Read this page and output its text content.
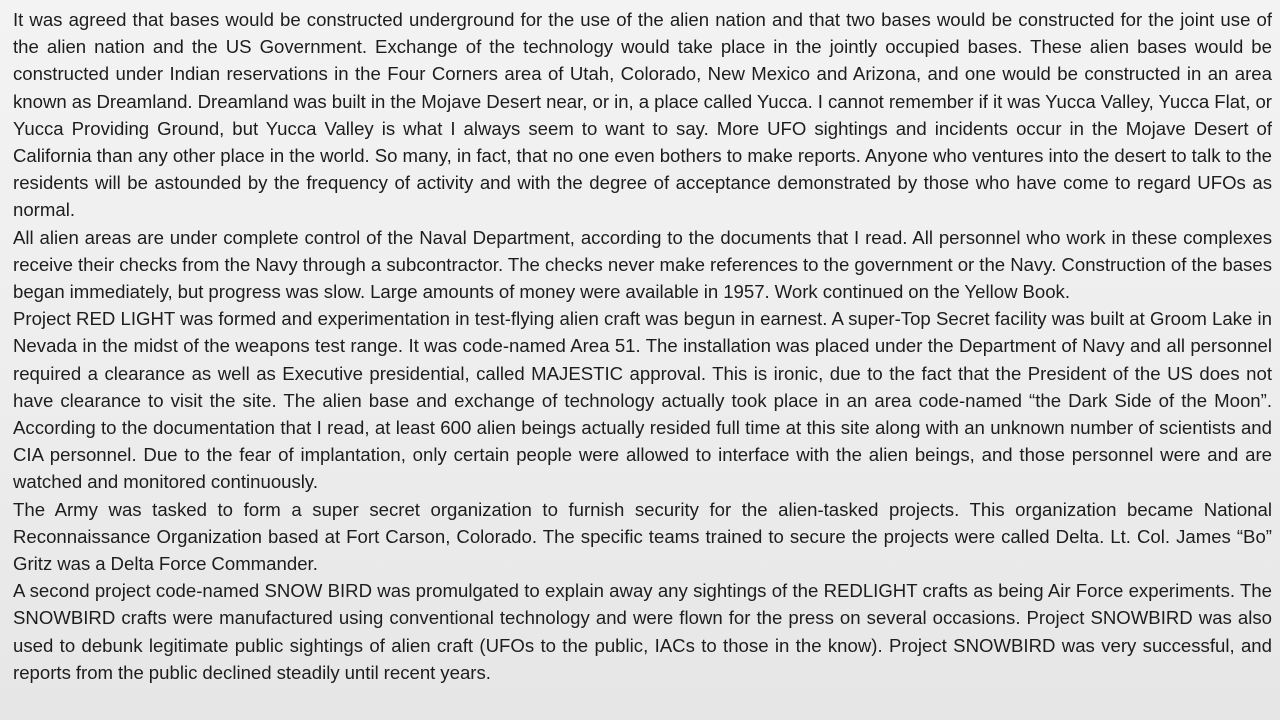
It was agreed that bases would be constructed underground for the use of the alien nation and that two bases would be constructed for the joint use of the alien nation and the US Government. Exchange of the technology would take place in the jointly occupied bases. These alien bases would be constructed under Indian reservations in the Four Corners area of Utah, Colorado, New Mexico and Arizona, and one would be constructed in an area known as Dreamland. Dreamland was built in the Mojave Desert near, or in, a place called Yucca. I cannot remember if it was Yucca Valley, Yucca Flat, or Yucca Providing Ground, but Yucca Valley is what I always seem to want to say. More UFO sightings and incidents occur in the Mojave Desert of California than any other place in the world. So many, in fact, that no one even bothers to make reports. Anyone who ventures into the desert to talk to the residents will be astounded by the frequency of activity and with the degree of acceptance demonstrated by those who have come to regard UFOs as normal.

All alien areas are under complete control of the Naval Department, according to the documents that I read. All personnel who work in these complexes receive their checks from the Navy through a subcontractor. The checks never make references to the government or the Navy. Construction of the bases began immediately, but progress was slow. Large amounts of money were available in 1957. Work continued on the Yellow Book.

Project RED LIGHT was formed and experimentation in test-flying alien craft was begun in earnest. A super-Top Secret facility was built at Groom Lake in Nevada in the midst of the weapons test range. It was code-named Area 51. The installation was placed under the Department of Navy and all personnel required a clearance as well as Executive presidential, called MAJESTIC approval. This is ironic, due to the fact that the President of the US does not have clearance to visit the site. The alien base and exchange of technology actually took place in an area code-named “the Dark Side of the Moon”. According to the documentation that I read, at least 600 alien beings actually resided full time at this site along with an unknown number of scientists and CIA personnel. Due to the fear of implantation, only certain people were allowed to interface with the alien beings, and those personnel were and are watched and monitored continuously.

The Army was tasked to form a super secret organization to furnish security for the alien-tasked projects. This organization became National Reconnaissance Organization based at Fort Carson, Colorado. The specific teams trained to secure the projects were called Delta. Lt. Col. James “Bo” Gritz was a Delta Force Commander.

A second project code-named SNOW BIRD was promulgated to explain away any sightings of the REDLIGHT crafts as being Air Force experiments. The SNOWBIRD crafts were manufactured using conventional technology and were flown for the press on several occasions. Project SNOWBIRD was also used to debunk legitimate public sightings of alien craft (UFOs to the public, IACs to those in the know). Project SNOWBIRD was very successful, and reports from the public declined steadily until recent years.
